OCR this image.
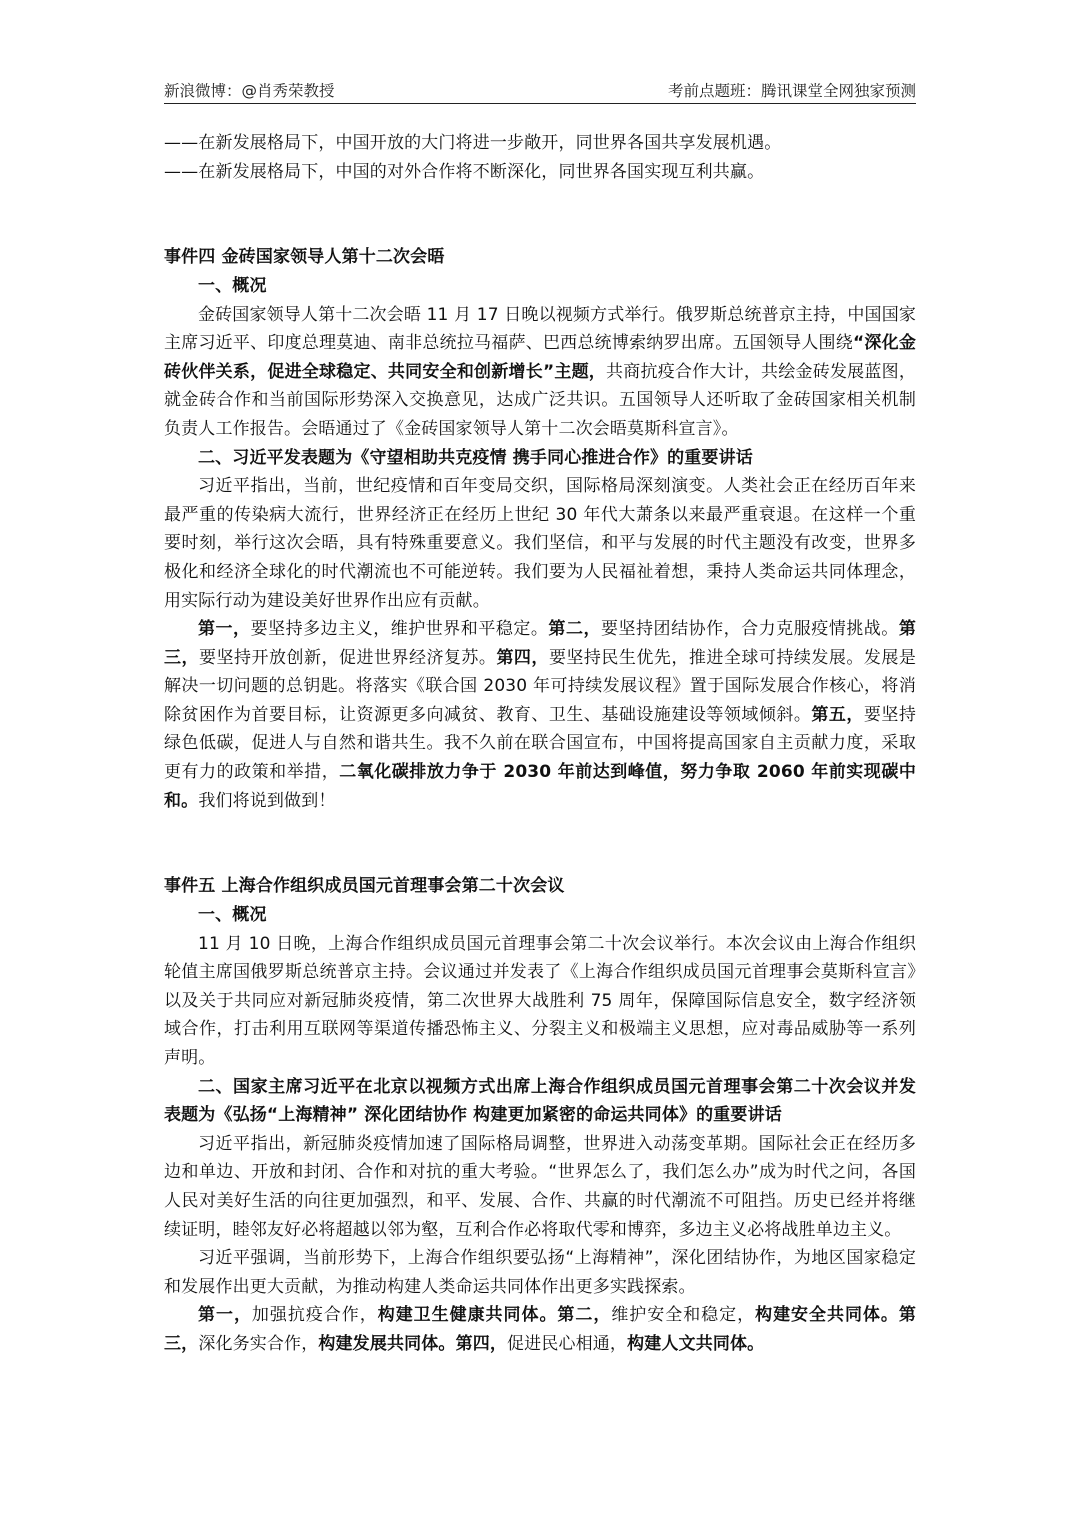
新浪微博：@肖秀荣教授	考前点题班：腾讯课堂全网独家预测

——在新发展格局下，中国开放的大门将进一步敞开，同世界各国共享发展机遇。

——在新发展格局下，中国的对外合作将不断深化，同世界各国实现互利共赢。

事件四 金砖国家领导人第十二次会晤

一、概况

金砖国家领导人第十二次会晤 11 月 17 日晚以视频方式举行。俄罗斯总统普京主持，中国国家主席习近平、印度总理莫迪、南非总统拉马福萨、巴西总统博索纳罗出席。五国领导人围绕“深化金砖伙伴关系，促进全球稳定、共同安全和创新增长”主题，共商抗疫合作大计，共绘金砖发展蓝图，就金砖合作和当前国际形势深入交换意见，达成广泛共识。五国领导人还听取了金砖国家相关机制负责人工作报告。会晤通过了《金砖国家领导人第十二次会晤莫斯科宣言》。

二、习近平发表题为《守望相助共克疫情 携手同心推进合作》的重要讲话

习近平指出，当前，世纪疫情和百年变局交织，国际格局深刻演变。人类社会正在经历百年来最严重的传染病大流行，世界经济正在经历上世纪 30 年代大萧条以来最严重衰退。在这样一个重要时刻，举行这次会晤，具有特殊重要意义。我们坚信，和平与发展的时代主题没有改变，世界多极化和经济全球化的时代潮流也不可能逆转。我们要为人民福祉着想，秉持人类命运共同体理念，用实际行动为建设美好世界作出应有贡献。

第一，要坚持多边主义，维护世界和平稳定。第二，要坚持团结协作，合力克服疫情挑战。第三，要坚持开放创新，促进世界经济复苏。第四，要坚持民生优先，推进全球可持续发展。发展是解决一切问题的总钥匙。将落实《联合国 2030 年可持续发展议程》置于国际发展合作核心，将消除贫困作为首要目标，让资源更多向减贫、教育、卫生、基础设施建设等领域倾斜。第五，要坚持绿色低碳，促进人与自然和谐共生。我不久前在联合国宣布，中国将提高国家自主贡献力度，采取更有力的政策和举措，二氧化碳排放力争于 2030 年前达到峰值，努力争取 2060 年前实现碳中和。我们将说到做到！

事件五 上海合作组织成员国元首理事会第二十次会议

一、概况

11 月 10 日晚，上海合作组织成员国元首理事会第二十次会议举行。本次会议由上海合作组织轮值主席国俄罗斯总统普京主持。会议通过并发表了《上海合作组织成员国元首理事会莫斯科宣言》以及关于共同应对新冠肺炎疫情，第二次世界大战胜利 75 周年，保障国际信息安全，数字经济领域合作，打击利用互联网等渠道传播恐怖主义、分裂主义和极端主义思想，应对毒品威胁等一系列声明。

二、国家主席习近平在北京以视频方式出席上海合作组织成员国元首理事会第二十次会议并发表题为《弘扬“上海精神” 深化团结协作 构建更加紧密的命运共同体》的重要讲话

习近平指出，新冠肺炎疫情加速了国际格局调整，世界进入动荡变革期。国际社会正在经历多边和单边、开放和封闭、合作和对抗的重大考验。“世界怎么了，我们怎么办”成为时代之问，各国人民对美好生活的向往更加强烈，和平、发展、合作、共赢的时代潮流不可阻挡。历史已经并将继续证明，睦邻友好必将超越以邻为壑，互利合作必将取代零和博弈，多边主义必将战胜单边主义。

习近平强调，当前形势下，上海合作组织要弘扬“上海精神”，深化团结协作，为地区国家稳定和发展作出更大贡献，为推动构建人类命运共同体作出更多实践探索。

第一，加强抗疫合作，构建卫生健康共同体。第二，维护安全和稳定，构建安全共同体。第三，深化务实合作，构建发展共同体。第四，促进民心相通，构建人文共同体。
